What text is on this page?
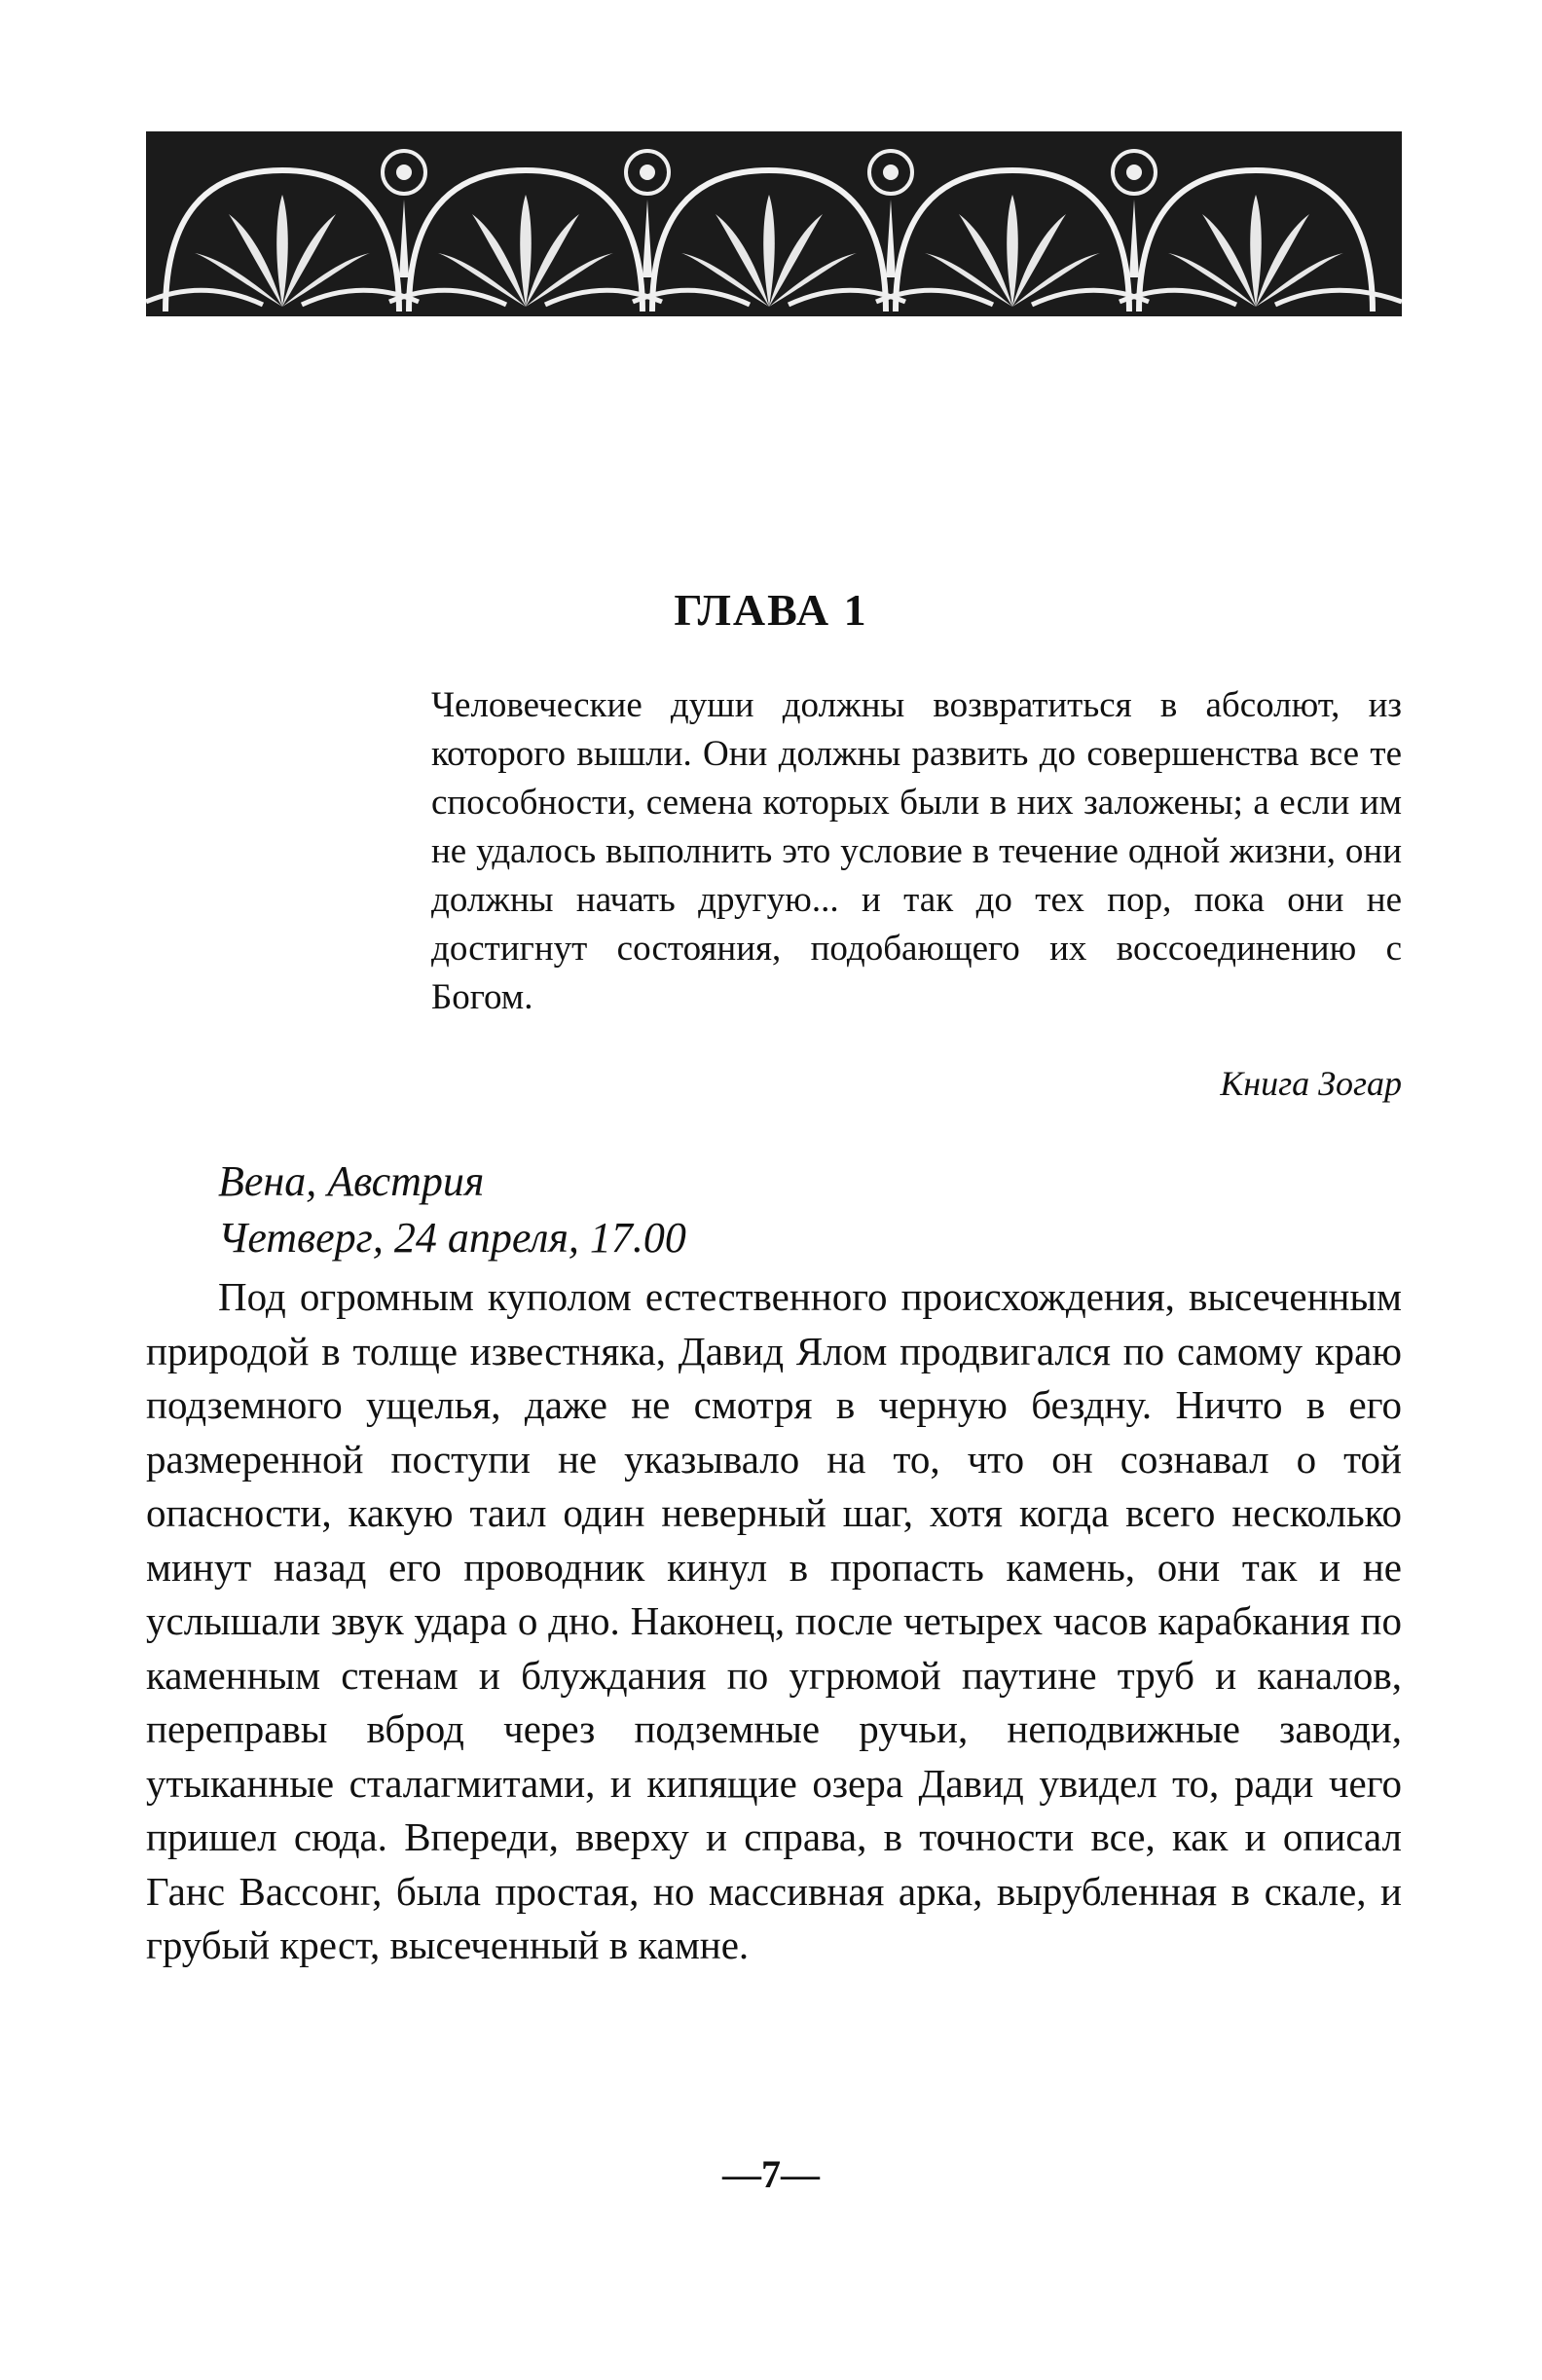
ГЛАВА 1
Человеческие души должны возвратиться в абсолют, из которого вышли. Они должны развить до совершенства все те способности, семена которых были в них заложены; а если им не удалось выполнить это условие в течение одной жизни, они должны начать другую... и так до тех пор, пока они не достигнут состояния, подобающего их воссоединению с Богом.
Книга Зогар
Вена, Австрия
Четверг, 24 апреля, 17.00
Под огромным куполом естественного происхождения, высеченным природой в толще известняка, Давид Ялом продвигался по самому краю подземного ущелья, даже не смотря в черную бездну. Ничто в его размеренной поступи не указывало на то, что он сознавал о той опасности, какую таил один неверный шаг, хотя когда всего несколько минут назад его проводник кинул в пропасть камень, они так и не услышали звук удара о дно. Наконец, после четырех часов карабкания по каменным стенам и блуждания по угрюмой паутине труб и каналов, переправы вброд через подземные ручьи, неподвижные заводи, утыканные сталагмитами, и кипящие озера Давид увидел то, ради чего пришел сюда. Впереди, вверху и справа, в точности все, как и описал Ганс Вассонг, была простая, но массивная арка, вырубленная в скале, и грубый крест, высеченный в камне.
—7—
